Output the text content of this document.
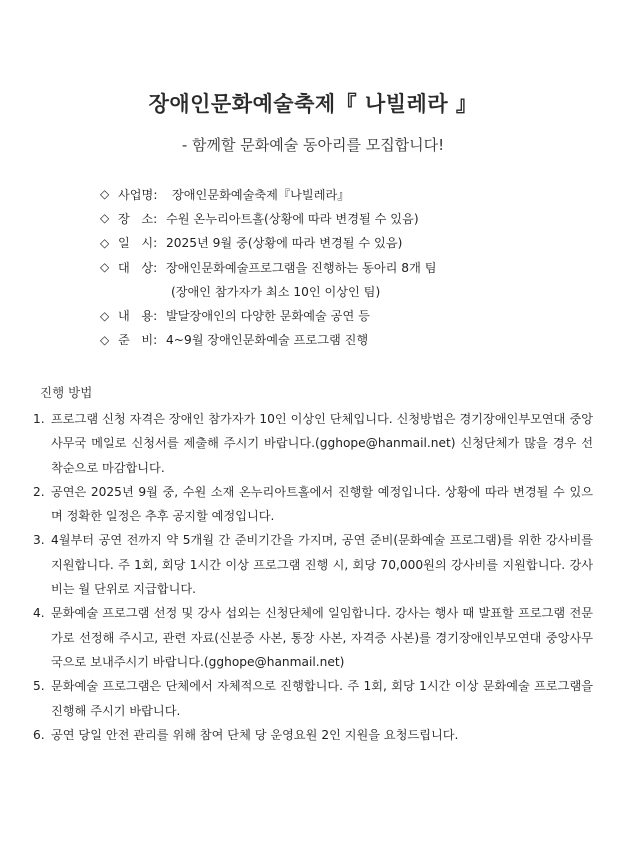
장애인문화예술축제『 나빌레라 』
- 함께할 문화예술 동아리를 모집합니다!
◇ 사업명:	장애인문화예술축제『나빌레라』
◇ 장   소: 수원 온누리아트홀(상황에 따라 변경될 수 있음)
◇ 일   시: 2025년 9월 중(상황에 따라 변경될 수 있음)
◇ 대   상: 장애인문화예술프로그램을 진행하는 동아리 8개 팀
(장애인 참가자가 최소 10인 이상인 팀)
◇ 내   용: 발달장애인의 다양한 문화예술 공연 등
◇ 준   비: 4~9월 장애인문화예술 프로그램 진행
진행 방법
1. 프로그램 신청 자격은 장애인 참가자가 10인 이상인 단체입니다. 신청방법은 경기장애인부모연대 중앙사무국 메일로 신청서를 제출해 주시기 바랍니다.(gghope@hanmail.net) 신청단체가 많을 경우 선착순으로 마감합니다.
2. 공연은 2025년 9월 중, 수원 소재 온누리아트홀에서 진행할 예정입니다. 상황에 따라 변경될 수 있으며 정확한 일정은 추후 공지할 예정입니다.
3. 4월부터 공연 전까지 약 5개월 간 준비기간을 가지며, 공연 준비(문화예술 프로그램)를 위한 강사비를 지원합니다. 주 1회, 회당 1시간 이상 프로그램 진행 시, 회당 70,000원의 강사비를 지원합니다. 강사비는 월 단위로 지급합니다.
4. 문화예술 프로그램 선정 및 강사 섭외는 신청단체에 일임합니다. 강사는 행사 때 발표할 프로그램 전문가로 선정해 주시고, 관련 자료(신분증 사본, 통장 사본, 자격증 사본)를 경기장애인부모연대 중앙사무국으로 보내주시기 바랍니다.(gghope@hanmail.net)
5. 문화예술 프로그램은 단체에서 자체적으로 진행합니다. 주 1회, 회당 1시간 이상 문화예술 프로그램을 진행해 주시기 바랍니다.
6. 공연 당일 안전 관리를 위해 참여 단체 당 운영요원 2인 지원을 요청드립니다.
